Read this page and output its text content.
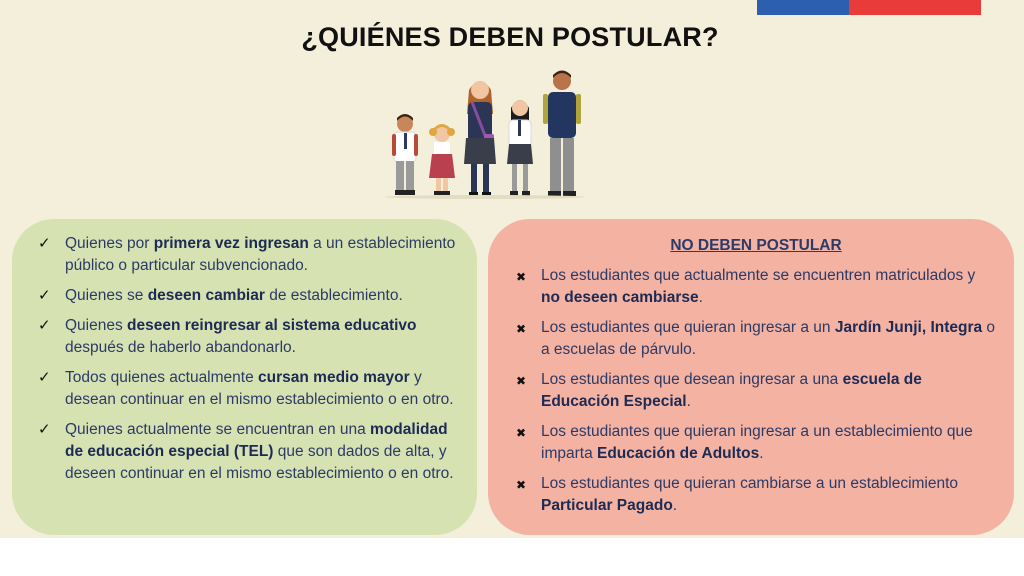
¿QUIÉNES DEBEN POSTULAR?
✓ Quienes por primera vez ingresan a un establecimiento público o particular subvencionado.
✓ Quienes se deseen cambiar de establecimiento.
✓ Quienes deseen reingresar al sistema educativo después de haberlo abandonarlo.
✓ Todos quienes actualmente cursan medio mayor y desean continuar en el mismo establecimiento o en otro.
✓ Quienes actualmente se encuentran en una modalidad de educación especial (TEL) que son dados de alta, y deseen continuar en el mismo establecimiento o en otro.
NO DEBEN POSTULAR
✖ Los estudiantes que actualmente se encuentren matriculados y no deseen cambiarse.
✖ Los estudiantes que quieran ingresar a un Jardín Junji, Integra o a escuelas de párvulo.
✖ Los estudiantes que desean ingresar a una escuela de Educación Especial.
✖ Los estudiantes que quieran ingresar a un establecimiento que imparta Educación de Adultos.
✖ Los estudiantes que quieran cambiarse a un establecimiento Particular Pagado.
